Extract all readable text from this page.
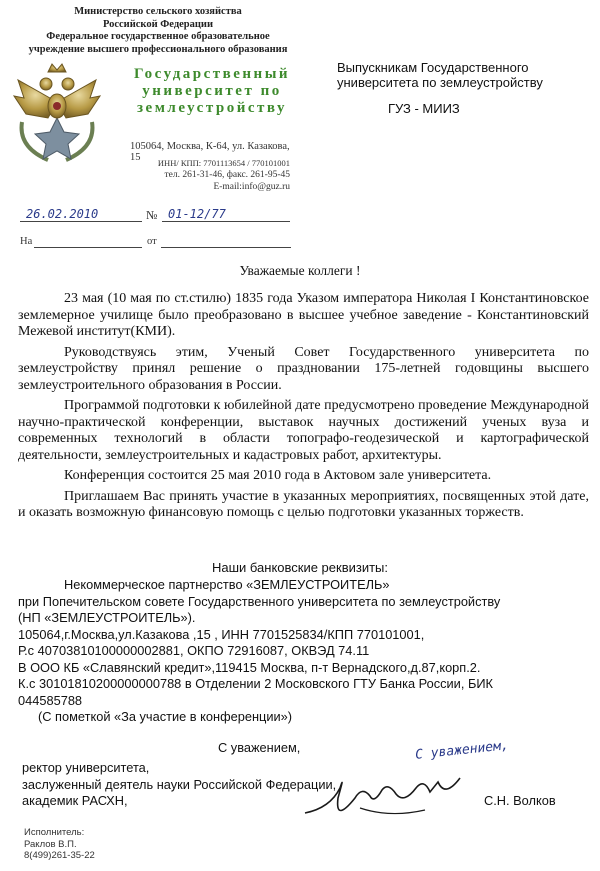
Министерство сельского хозяйства
Российской Федерации
Федеральное государственное образовательное
учреждение высшего профессионального образования
Государственный
университет по
землеустройству
105064, Москва, К-64, ул. Казакова, 15	ИНН/ КПП: 7701113654 / 770101001
тел. 261-31-46, факс. 261-95-45
E-mail:info@guz.ru
Выпускникам Государственного
университета по землеустройству
ГУЗ - МИИЗ
26.02.2010	№ 01-12/77
На	от
Уважаемые коллеги !

23 мая (10 мая по ст.стилю) 1835 года Указом императора Николая I Константиновское землемерное училище было преобразовано в высшее учебное заведение - Константиновский Межевой институт(КМИ).

Руководствуясь этим, Ученый Совет Государственного университета по землеустройству принял решение о праздновании 175-летней годовщины высшего землеустроительного образования в России.

Программой подготовки к юбилейной дате предусмотрено проведение Международной научно-практической конференции, выставок научных достижений ученых вуза и современных технологий в области топографо-геодезической и картографической деятельности, землеустроительных и кадастровых работ, архитектуры.

Конференция состоится 25 мая 2010 года в Актовом зале университета.

Приглашаем Вас принять участие в указанных мероприятиях, посвященных этой дате, и оказать возможную финансовую помощь с целью подготовки указанных торжеств.

Наши банковские реквизиты:
Некоммерческое партнерство «ЗЕМЛЕУСТРОИТЕЛЬ»
при Попечительском совете Государственного университета по землеустройству
(НП «ЗЕМЛЕУСТРОИТЕЛЬ»).
105064,г.Москва,ул.Казакова ,15 , ИНН 7701525834/КПП 770101001,
Р.с 40703810100000002881, ОКПО 72916087, ОКВЭД 74.11
В ООО КБ «Славянский кредит»,119415 Москва, п-т Вернадского,д.87,корп.2.
К.с 30101810200000000788 в Отделении 2 Московского ГТУ Банка России, БИК
044585788
(С пометкой «За участие в конференции»)
С уважением,	С уважением,
ректор университета,
заслуженный деятель науки Российской Федерации,
академик РАСХН,	С.Н. Волков
Исполнитель:
Раклов В.П.
8(499)261-35-22
